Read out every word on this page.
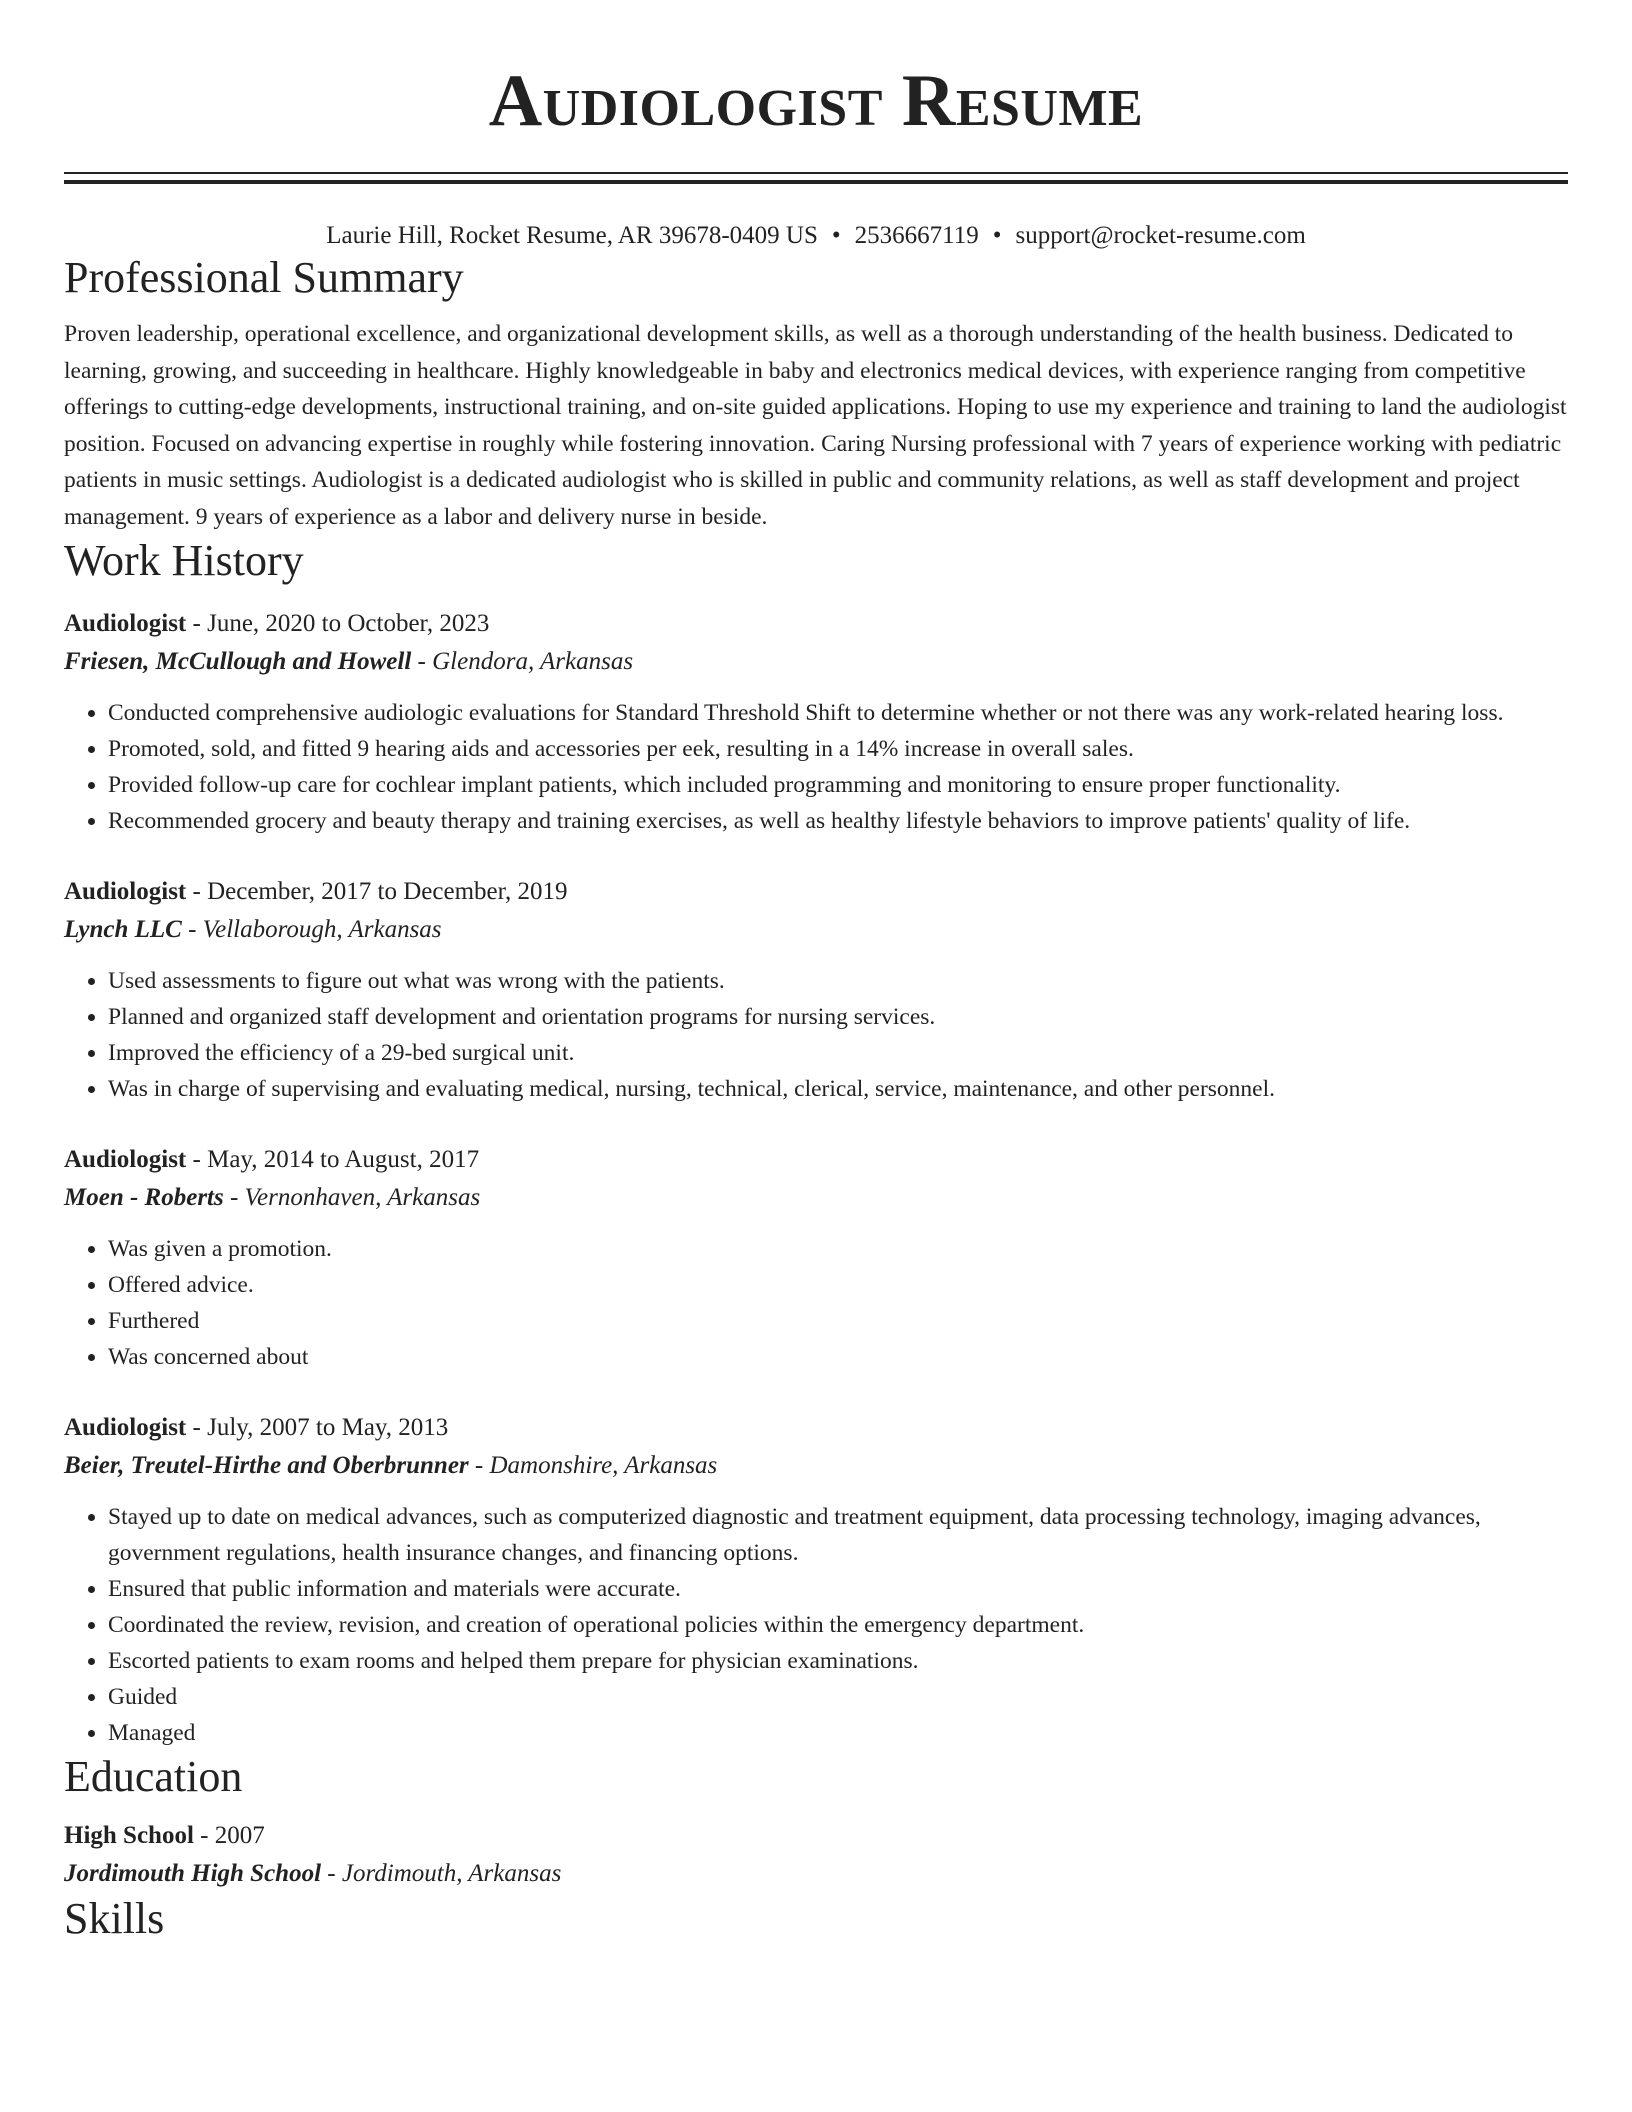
Audiologist Resume
Laurie Hill, Rocket Resume, AR 39678-0409 US • 2536667119 • support@rocket-resume.com
Professional Summary

Proven leadership, operational excellence, and organizational development skills, as well as a thorough understanding of the health business. Dedicated to learning, growing, and succeeding in healthcare. Highly knowledgeable in baby and electronics medical devices, with experience ranging from competitive offerings to cutting-edge developments, instructional training, and on-site guided applications. Hoping to use my experience and training to land the audiologist position. Focused on advancing expertise in roughly while fostering innovation. Caring Nursing professional with 7 years of experience working with pediatric patients in music settings. Audiologist is a dedicated audiologist who is skilled in public and community relations, as well as staff development and project management. 9 years of experience as a labor and delivery nurse in beside.

Work History
Audiologist - June, 2020 to October, 2023
Friesen, McCullough and Howell - Glendora, Arkansas
• Conducted comprehensive audiologic evaluations for Standard Threshold Shift to determine whether or not there was any work-related hearing loss.
• Promoted, sold, and fitted 9 hearing aids and accessories per eek, resulting in a 14% increase in overall sales.
• Provided follow-up care for cochlear implant patients, which included programming and monitoring to ensure proper functionality.
• Recommended grocery and beauty therapy and training exercises, as well as healthy lifestyle behaviors to improve patients' quality of life.
Audiologist - December, 2017 to December, 2019
Lynch LLC - Vellaborough, Arkansas
• Used assessments to figure out what was wrong with the patients.
• Planned and organized staff development and orientation programs for nursing services.
• Improved the efficiency of a 29-bed surgical unit.
• Was in charge of supervising and evaluating medical, nursing, technical, clerical, service, maintenance, and other personnel.
Audiologist - May, 2014 to August, 2017
Moen - Roberts - Vernonhaven, Arkansas
• Was given a promotion.
• Offered advice.
• Furthered
• Was concerned about
Audiologist - July, 2007 to May, 2013
Beier, Treutel-Hirthe and Oberbrunner - Damonshire, Arkansas
• Stayed up to date on medical advances, such as computerized diagnostic and treatment equipment, data processing technology, imaging advances, government regulations, health insurance changes, and financing options.
• Ensured that public information and materials were accurate.
• Coordinated the review, revision, and creation of operational policies within the emergency department.
• Escorted patients to exam rooms and helped them prepare for physician examinations.
• Guided
• Managed
Education
High School - 2007
Jordimouth High School - Jordimouth, Arkansas
Skills
